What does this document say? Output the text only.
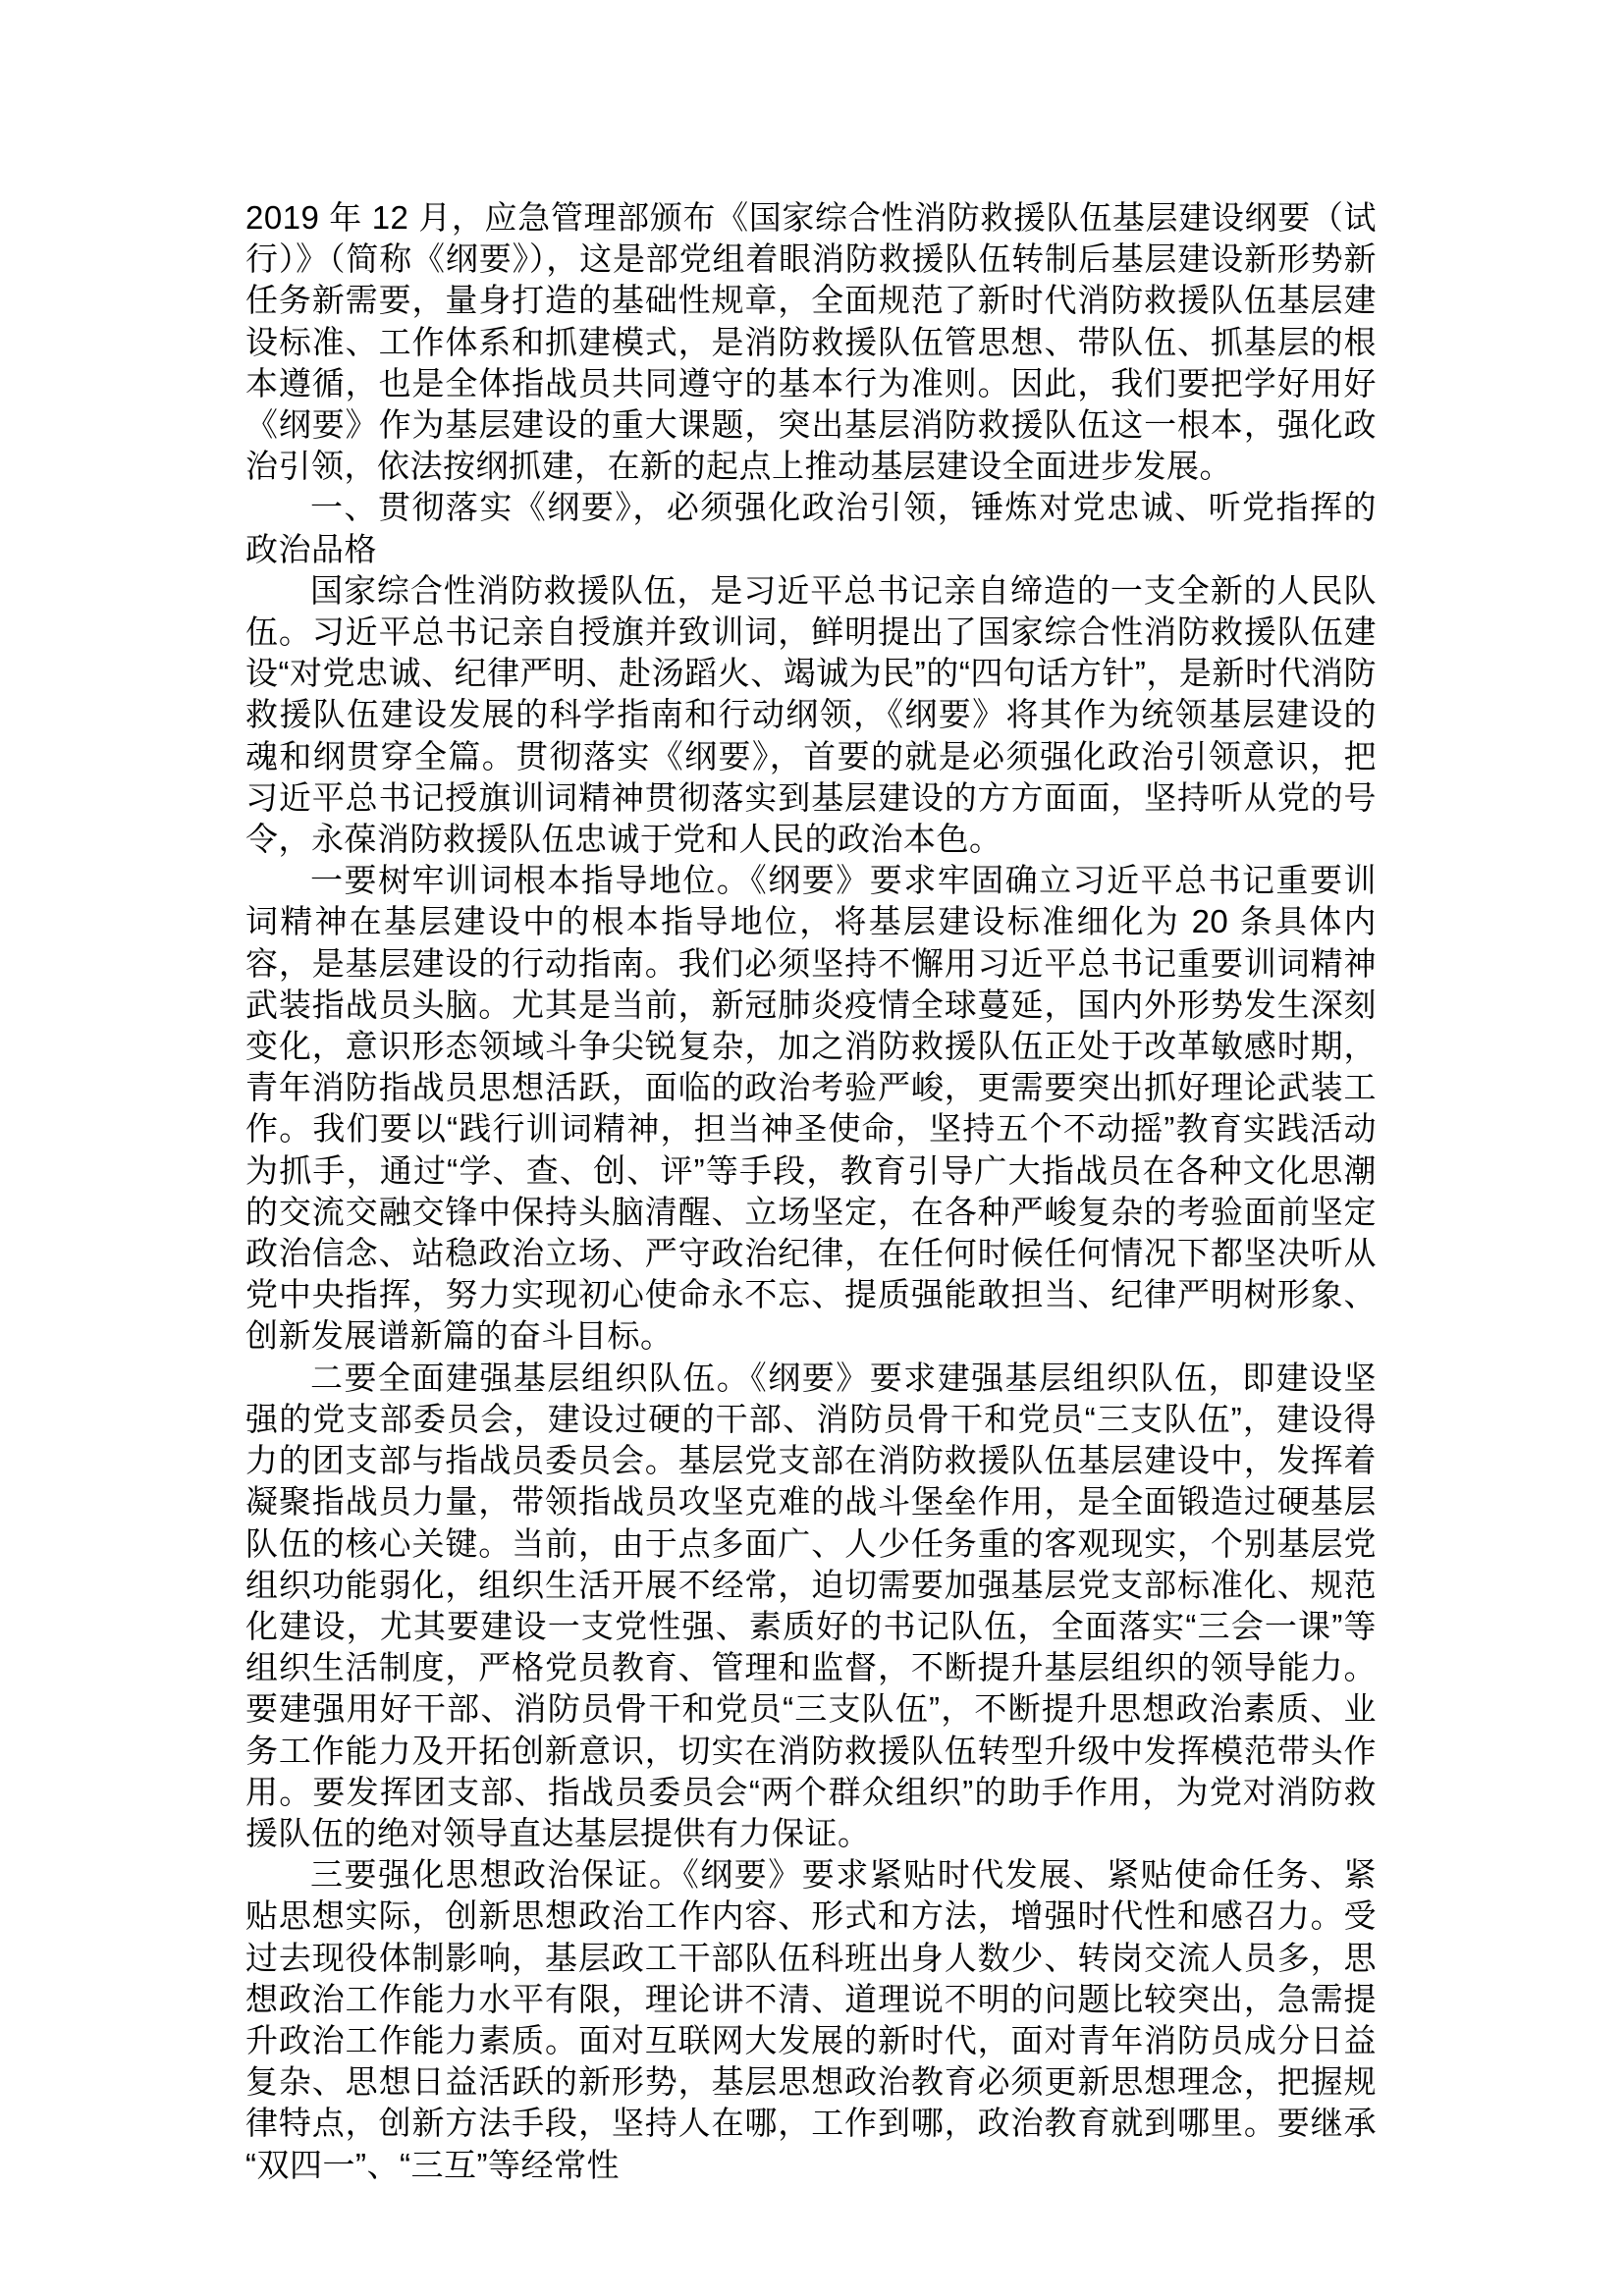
2019 年 12 月，应急管理部颁布《国家综合性消防救援队伍基层建设纲要（试行）》（简称《纲要》），这是部党组着眼消防救援队伍转制后基层建设新形势新任务新需要，量身打造的基础性规章，全面规范了新时代消防救援队伍基层建设标准、工作体系和抓建模式，是消防救援队伍管思想、带队伍、抓基层的根本遵循，也是全体指战员共同遵守的基本行为准则。因此，我们要把学好用好《纲要》作为基层建设的重大课题，突出基层消防救援队伍这一根本，强化政治引领，依法按纲抓建，在新的起点上推动基层建设全面进步发展。

一、贯彻落实《纲要》，必须强化政治引领，锤炼对党忠诚、听党指挥的政治品格

国家综合性消防救援队伍，是习近平总书记亲自缔造的一支全新的人民队伍。习近平总书记亲自授旗并致训词，鲜明提出了国家综合性消防救援队伍建设“对党忠诚、纪律严明、赴汤蹈火、竭诚为民”的“四句话方针”，是新时代消防救援队伍建设发展的科学指南和行动纲领，《纲要》将其作为统领基层建设的魂和纲贯穿全篇。贯彻落实《纲要》，首要的就是必须强化政治引领意识，把习近平总书记授旗训词精神贯彻落实到基层建设的方方面面，坚持听从党的号令，永葆消防救援队伍忠诚于党和人民的政治本色。

一要树牢训词根本指导地位。《纲要》要求牢固确立习近平总书记重要训词精神在基层建设中的根本指导地位，将基层建设标准细化为 20 条具体内容，是基层建设的行动指南。我们必须坚持不懈用习近平总书记重要训词精神武装指战员头脑。尤其是当前，新冠肺炎疫情全球蔓延，国内外形势发生深刻变化，意识形态领域斗争尖锐复杂，加之消防救援队伍正处于改革敏感时期，青年消防指战员思想活跃，面临的政治考验严峻，更需要突出抓好理论武装工作。我们要以“践行训词精神，担当神圣使命，坚持五个不动摇”教育实践活动为抓手，通过“学、查、创、评”等手段，教育引导广大指战员在各种文化思潮的交流交融交锋中保持头脑清醒、立场坚定，在各种严峻复杂的考验面前坚定政治信念、站稳政治立场、严守政治纪律，在任何时候任何情况下都坚决听从党中央指挥，努力实现初心使命永不忘、提质强能敢担当、纪律严明树形象、创新发展谱新篇的奋斗目标。

二要全面建强基层组织队伍。《纲要》要求建强基层组织队伍，即建设坚强的党支部委员会，建设过硬的干部、消防员骨干和党员“三支队伍”，建设得力的团支部与指战员委员会。基层党支部在消防救援队伍基层建设中，发挥着凝聚指战员力量，带领指战员攻坚克难的战斗堡垒作用，是全面锻造过硬基层队伍的核心关键。当前，由于点多面广、人少任务重的客观现实，个别基层党组织功能弱化，组织生活开展不经常，迫切需要加强基层党支部标准化、规范化建设，尤其要建设一支党性强、素质好的书记队伍，全面落实“三会一课”等组织生活制度，严格党员教育、管理和监督，不断提升基层组织的领导能力。要建强用好干部、消防员骨干和党员“三支队伍”，不断提升思想政治素质、业务工作能力及开拓创新意识，切实在消防救援队伍转型升级中发挥模范带头作用。要发挥团支部、指战员委员会“两个群众组织”的助手作用，为党对消防救援队伍的绝对领导直达基层提供有力保证。

三要强化思想政治保证。《纲要》要求紧贴时代发展、紧贴使命任务、紧贴思想实际，创新思想政治工作内容、形式和方法，增强时代性和感召力。受过去现役体制影响，基层政工干部队伍科班出身人数少、转岗交流人员多，思想政治工作能力水平有限，理论讲不清、道理说不明的问题比较突出，急需提升政治工作能力素质。面对互联网大发展的新时代，面对青年消防员成分日益复杂、思想日益活跃的新形势，基层思想政治教育必须更新思想理念，把握规律特点，创新方法手段，坚持人在哪，工作到哪，政治教育就到哪里。要继承“双四一”、“三互”等经常性
